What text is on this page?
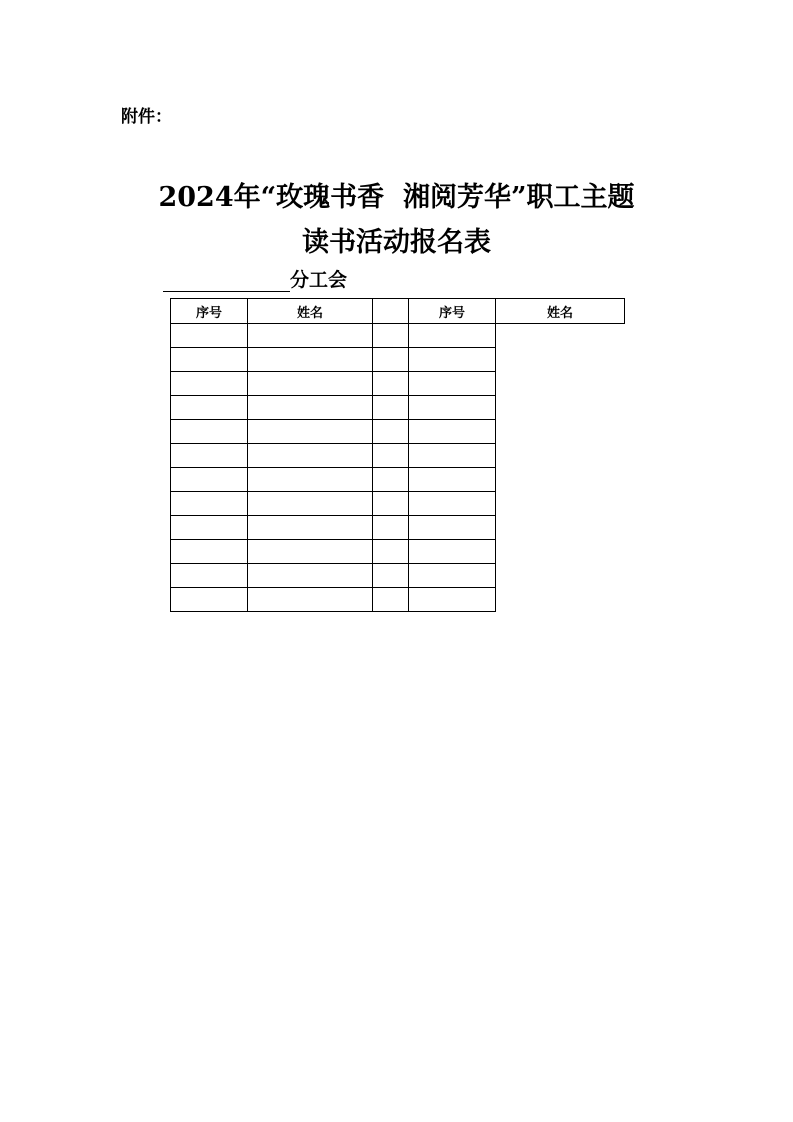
附件：

2024年“玫瑰书香  湘阅芳华”职工主题
读书活动报名表
分工会
序号	姓名		序号	姓名
